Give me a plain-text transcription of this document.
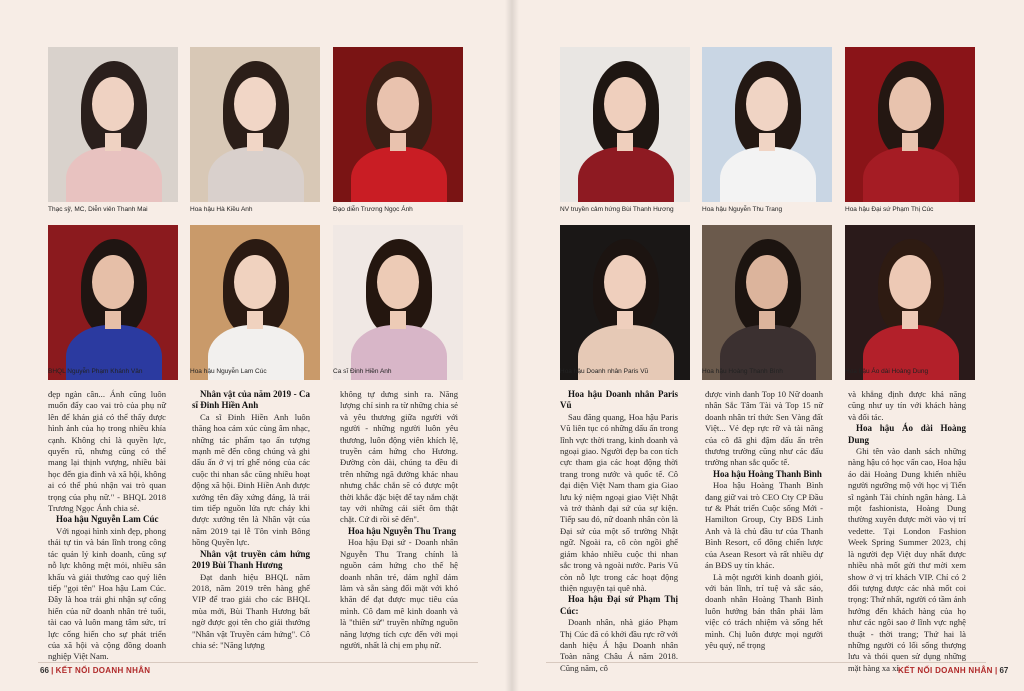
Thạc sỹ, MC, Diễn viên Thanh Mai	Hoa hậu Hà Kiều Anh	Đạo diễn Trương Ngọc Ánh
BHQL Nguyễn Phạm Khánh Vân	Hoa hậu Nguyễn Lam Cúc	Ca sĩ Đinh Hiền Anh
NV truyền cảm hứng Bùi Thanh Hương	Hoa hậu Nguyễn Thu Trang	Hoa hậu Đại sứ Phạm Thị Cúc
Hoa hậu Doanh nhân Paris Vũ	Hoa hậu Hoàng Thanh Bình	Hoa hậu Áo dài Hoàng Dung

đẹp ngàn cân... Ánh cũng luôn muốn đẩy cao vai trò của phụ nữ lên để khán giả có thể thấy được hình ảnh của họ trong nhiều khía cạnh. Không chỉ là quyền lực, quyến rũ, nhưng cũng có thể mang lại thịnh vượng, nhiều bài học đến gia đình và xã hội, không ai có thể phủ nhận vai trò quan trọng của phụ nữ." - BHQL 2018 Trương Ngọc Ánh chia sẻ.

Hoa hậu Nguyễn Lam Cúc

Với ngoại hình xinh đẹp, phong thái tự tin và bản lĩnh trong công tác quản lý kinh doanh, cũng sự nỗ lực không mệt mỏi, nhiều sân khấu và giải thưởng cao quý liên tiếp "gọi tên" Hoa hậu Lam Cúc. Đây là hoa trái ghi nhận sự cống hiến của nữ doanh nhân trẻ tuổi, tài cao và luôn mang tâm sức, trí lực cống hiến cho sự phát triển của xã hội và cộng đồng doanh nghiệp Việt Nam.

Nhân vật của năm 2019 - Ca sĩ Đinh Hiền Anh

Ca sĩ Đinh Hiền Anh luôn thăng hoa cảm xúc cùng âm nhạc, những tác phẩm tạo ấn tượng mạnh mẽ đến công chúng và ghi dấu ấn ở vị trí ghế nóng của các cuộc thi nhan sắc cũng nhiều hoạt động xã hội. Đinh Hiền Anh được xướng tên đầy xứng đáng, là trái tim tiếp nguồn lửa rực cháy khi được xướng tên là Nhân vật của năm 2019 tại lễ Tôn vinh Bông hồng Quyền lực.

Nhân vật truyền cảm hứng 2019 Bùi Thanh Hương

Đạt danh hiệu BHQL năm 2018, năm 2019 trên hàng ghế VIP để trao giải cho các BHQL mùa mới, Bùi Thanh Hương bất ngờ được gọi tên cho giải thưởng "Nhân vật Truyền cảm hứng". Cô chia sẻ: "Năng lượng

không tự dưng sinh ra. Năng lượng chỉ sinh ra từ những chia sẻ và yêu thương giữa người với người - những người luôn yêu thương, luôn động viên khích lệ, truyền cảm hứng cho Hương. Đường còn dài, chúng ta đều đi trên những ngã đường khác nhau nhưng chắc chắn sẽ có được một thời khắc đặc biệt để tay nắm chặt tay với những cái siết ôm thật chặt. Cứ đi rồi sẽ đến".

Hoa hậu Nguyễn Thu Trang

Hoa hậu Đại sứ - Doanh nhân Nguyễn Thu Trang chính là nguồn cảm hứng cho thế hệ doanh nhân trẻ, dám nghĩ dám làm và sẵn sàng đối mặt với khó khăn để đạt được mục tiêu của mình. Cô đam mê kinh doanh và là "thiên sứ" truyền những nguồn năng lượng tích cực đến với mọi người, nhất là chị em phụ nữ.

Hoa hậu Doanh nhân Paris Vũ

Sau đăng quang, Hoa hậu Paris Vũ liên tục có những dấu ấn trong lĩnh vực thời trang, kinh doanh và ngoại giao. Người đẹp ba con tích cực tham gia các hoạt động thời trang trong nước và quốc tế. Cô đại diện Việt Nam tham gia Giao lưu kỷ niệm ngoại giao Việt Nhật và trở thành đại sứ của sự kiện. Tiếp sau đó, nữ doanh nhân còn là Đại sứ của một số trường Nhật ngữ. Ngoài ra, cô còn ngồi ghế giám khảo nhiều cuộc thi nhan sắc trong và ngoài nước. Paris Vũ còn nỗ lực trong các hoạt động thiện nguyện tại quê nhà.

Hoa hậu Đại sứ Phạm Thị Cúc:

Doanh nhân, nhà giáo Phạm Thị Cúc đã có khởi đầu rực rỡ với danh hiệu Á hậu Doanh nhân Toàn năng Châu Á năm 2018. Cũng năm, cô

được vinh danh Top 10 Nữ doanh nhân Sắc Tâm Tài và Top 15 nữ doanh nhân trí thức Sen Vàng đất Việt... Vẻ đẹp rực rỡ và tài năng của cô đã ghi đậm dấu ấn trên thương trường cũng như các đấu trường nhan sắc quốc tế.

Hoa hậu Hoàng Thanh Bình

Hoa hậu Hoàng Thanh Bình đang giữ vai trò CEO Cty CP Đầu tư & Phát triển Cuộc sống Mới - Hamilton Group, Cty BĐS Linh Anh và là chủ đầu tư của Thanh Bình Resort, cổ đông chiến lược của Asean Resort và rất nhiều dự án BĐS uy tín khác.

Là một người kinh doanh giỏi, với bản lĩnh, trí tuệ và sắc sảo, doanh nhân Hoàng Thanh Bình luôn hướng bản thân phải làm việc có trách nhiệm và sống hết mình. Chị luôn được mọi người yêu quý, nể trọng

và khẳng định được khả năng cũng như uy tín với khách hàng và đối tác.

Hoa hậu Áo dài Hoàng Dung

Ghi tên vào danh sách những nàng hậu có học vấn cao, Hoa hậu áo dài Hoàng Dung khiến nhiều người ngưỡng mộ với học vị Tiến sĩ ngành Tài chính ngân hàng. Là một fashionista, Hoàng Dung thường xuyên được mời vào vị trí vedette. Tại London Fashion Week Spring Summer 2023, chị là người đẹp Việt duy nhất được nhiều nhà mốt gửi thư mời xem show ở vị trí khách VIP. Chỉ có 2 đối tượng được các nhà mốt coi trọng: Thứ nhất, người có tầm ảnh hưởng đến khách hàng của họ như các ngôi sao ở lĩnh vực nghệ thuật - thời trang; Thứ hai là những người có lối sống thượng lưu và thói quen sử dụng những mặt hàng xa xỉ.

66 | KẾT NỐI DOANH NHÂN	KẾT NỐI DOANH NHÂN | 67
